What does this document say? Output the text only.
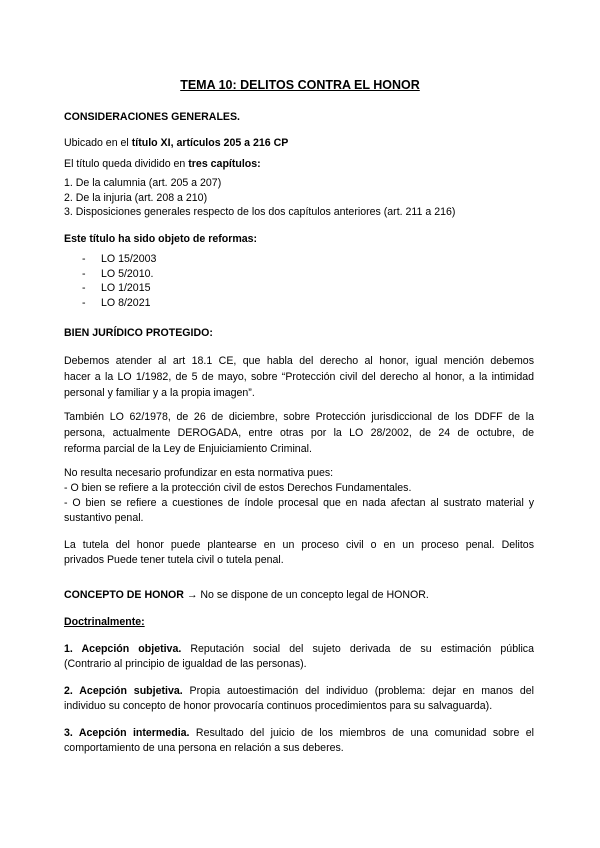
TEMA 10: DELITOS CONTRA EL HONOR
CONSIDERACIONES GENERALES.
Ubicado en el título XI, artículos 205 a 216 CP
El título queda dividido en tres capítulos:
1. De la calumnia (art. 205 a 207)
2. De la injuria (art. 208 a 210)
3. Disposiciones generales respecto de los dos capítulos anteriores (art. 211 a 216)
Este título ha sido objeto de reformas:
- LO 15/2003
- LO 5/2010.
- LO 1/2015
- LO 8/2021
BIEN JURÍDICO PROTEGIDO:
Debemos atender al art 18.1 CE, que habla del derecho al honor, igual mención debemos
hacer a la LO 1/1982, de 5 de mayo, sobre “Protección civil del derecho al honor, a la intimidad
personal y familiar y a la propia imagen”.
También LO 62/1978, de 26 de diciembre, sobre Protección jurisdiccional de los DDFF de la
persona, actualmente DEROGADA, entre otras por la LO 28/2002, de 24 de octubre, de
reforma parcial de la Ley de Enjuiciamiento Criminal.
No resulta necesario profundizar en esta normativa pues:
- O bien se refiere a la protección civil de estos Derechos Fundamentales.
- O bien se refiere a cuestiones de índole procesal que en nada afectan al sustrato material y
sustantivo penal.
La tutela del honor puede plantearse en un proceso civil o en un proceso penal. Delitos
privados Puede tener tutela civil o tutela penal.
CONCEPTO DE HONOR → No se dispone de un concepto legal de HONOR.
Doctrinalmente:
1. Acepción objetiva. Reputación social del sujeto derivada de su estimación pública
(Contrario al principio de igualdad de las personas).
2. Acepción subjetiva. Propia autoestimación del individuo (problema: dejar en manos del
individuo su concepto de honor provocaría continuos procedimientos para su salvaguarda).
3. Acepción intermedia. Resultado del juicio de los miembros de una comunidad sobre el
comportamiento de una persona en relación a sus deberes.
